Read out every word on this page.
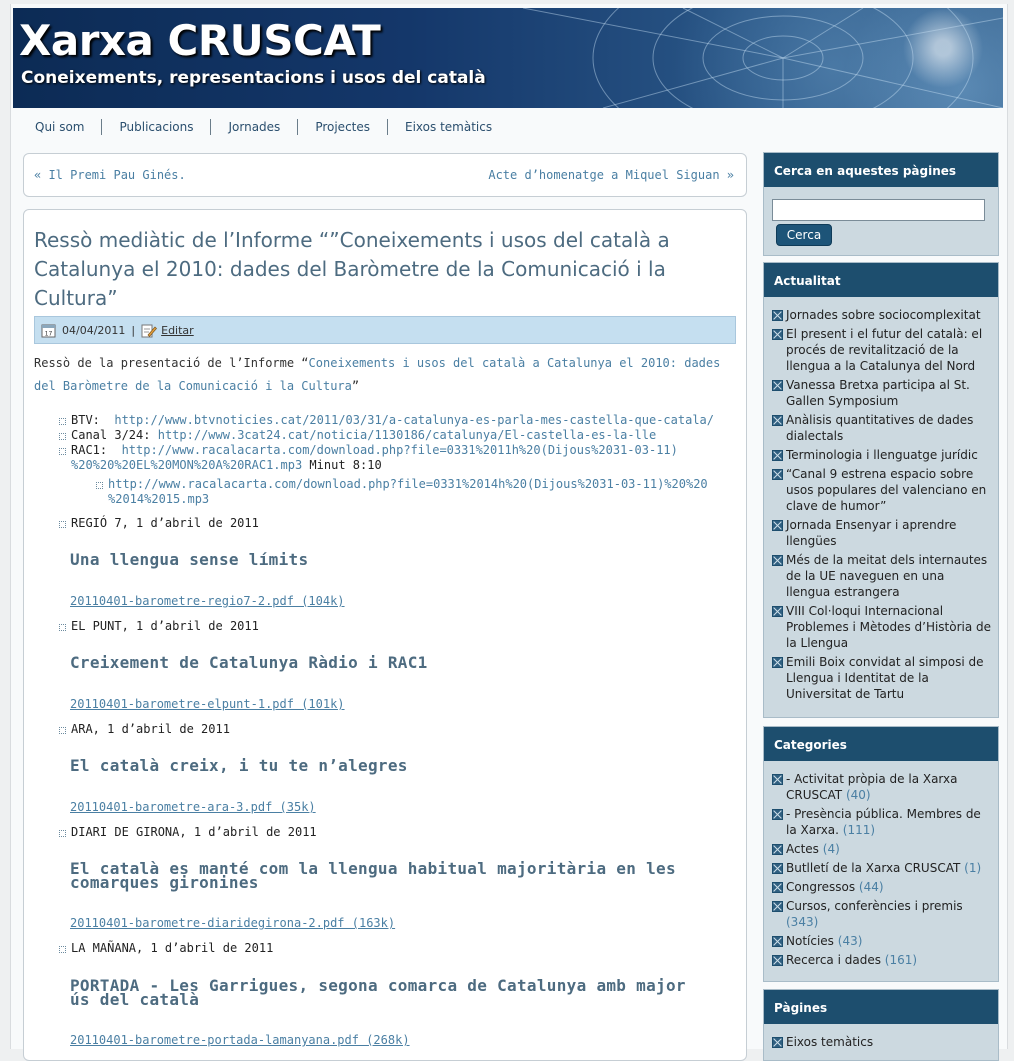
Xarxa CRUSCAT
Coneixements, representacions i usos del català
Qui som	Publicacions	Jornades	Projectes	Eixos temàtics
« Il Premi Pau Ginés.	Acte d’homenatge a Miquel Siguan »
Ressò mediàtic de l’Informe “”Coneixements i usos del català a Catalunya el 2010: dades del Baròmetre de la Comunicació i la Cultura”
17 04/04/2011 | Editar
Ressò de la presentació de l’Informe “Coneixements i usos del català a Catalunya el 2010: dades del Baròmetre de la Comunicació i la Cultura”
BTV: http://www.btvnoticies.cat/2011/03/31/a-catalunya-es-parla-mes-castella-que-catala/
Canal 3/24: http://www.3cat24.cat/noticia/1130186/catalunya/El-castella-es-la-lle
RAC1: http://www.racalacarta.com/download.php?file=0331%2011h%20(Dijous%2031-03-11)
%20%20%20EL%20MON%20A%20RAC1.mp3 Minut 8:10
http://www.racalacarta.com/download.php?file=0331%2014h%20(Dijous%2031-03-11)%20%20
%2014%2015.mp3
REGIÓ 7, 1 d’abril de 2011
Una llengua sense límits
20110401-barometre-regio7-2.pdf (104k)
EL PUNT, 1 d’abril de 2011
Creixement de Catalunya Ràdio i RAC1
20110401-barometre-elpunt-1.pdf (101k)
ARA, 1 d’abril de 2011
El català creix, i tu te n’alegres
20110401-barometre-ara-3.pdf (35k)
DIARI DE GIRONA, 1 d’abril de 2011
El català es manté com la llengua habitual majoritària en les
comarques gironines
20110401-barometre-diaridegirona-2.pdf (163k)
LA MAÑANA, 1 d’abril de 2011
PORTADA - Les Garrigues, segona comarca de Catalunya amb major
ús del català
20110401-barometre-portada-lamanyana.pdf (268k)
Cerca en aquestes pàgines
Cerca
Actualitat
Jornades sobre sociocomplexitat
El present i el futur del català: el procés de revitalització de la llengua a la Catalunya del Nord
Vanessa Bretxa participa al St. Gallen Symposium
Anàlisis quantitatives de dades dialectals
Terminologia i llenguatge jurídic
“Canal 9 estrena espacio sobre usos populares del valenciano en clave de humor”
Jornada Ensenyar i aprendre llengües
Més de la meitat dels internautes de la UE naveguen en una llengua estrangera
VIII Col·loqui Internacional Problemes i Mètodes d’Història de la Llengua
Emili Boix convidat al simposi de Llengua i Identitat de la Universitat de Tartu
Categories
- Activitat pròpia de la Xarxa CRUSCAT (40)
- Presència pública. Membres de la Xarxa. (111)
Actes (4)
Butlletí de la Xarxa CRUSCAT (1)
Congressos (44)
Cursos, conferències i premis (343)
Notícies (43)
Recerca i dades (161)
Pàgines
Eixos temàtics
